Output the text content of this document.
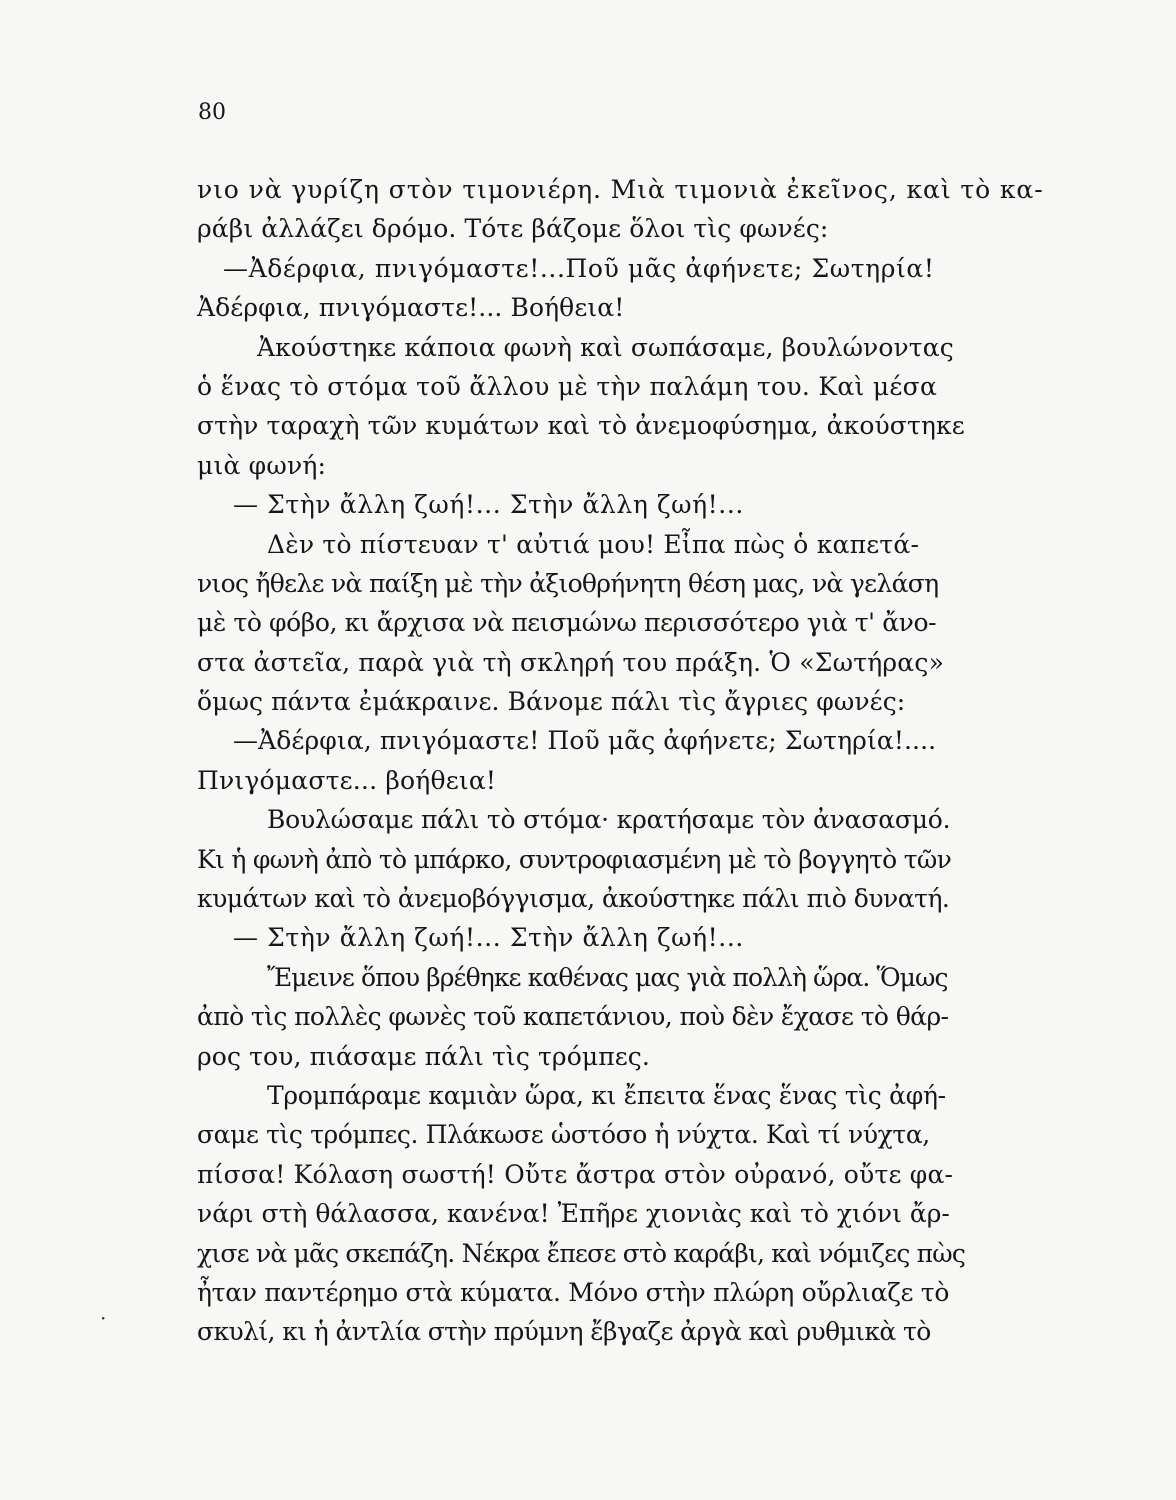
80
νιο νὰ γυρίζη στὸν τιμονιέρη. Μιὰ τιμονιὰ ἐκεῖνος, καὶ τὸ κα-
ράβι ἀλλάζει δρόμο. Τότε βάζομε ὅλοι τὶς φωνές:
—Ἀδέρφια, πνιγόμαστε!...Ποῦ μᾶς ἀφήνετε; Σωτηρία!
Ἀδέρφια, πνιγόμαστε!... Βοήθεια!
Ἀκούστηκε κάποια φωνὴ καὶ σωπάσαμε, βουλώνοντας
ὁ ἕνας τὸ στόμα τοῦ ἄλλου μὲ τὴν παλάμη του. Καὶ μέσα
στὴν ταραχὴ τῶν κυμάτων καὶ τὸ ἀνεμοφύσημα, ἀκούστηκε
μιὰ φωνή:
— Στὴν ἄλλη ζωή!... Στὴν ἄλλη ζωή!...
Δὲν τὸ πίστευαν τ' αὐτιά μου! Εἶπα πὼς ὁ καπετά-
νιος ἤθελε νὰ παίξη μὲ τὴν ἀξιοθρήνητη θέση μας, νὰ γελάση
μὲ τὸ φόβο, κι ἄρχισα νὰ πεισμώνω περισσότερο γιὰ τ' ἄνο-
στα ἀστεῖα, παρὰ γιὰ τὴ σκληρή του πράξη. Ὁ «Σωτήρας»
ὅμως πάντα ἐμάκραινε. Βάνομε πάλι τὶς ἄγριες φωνές:
—Ἀδέρφια, πνιγόμαστε! Ποῦ μᾶς ἀφήνετε; Σωτηρία!....
Πνιγόμαστε... βοήθεια!
Βουλώσαμε πάλι τὸ στόμα· κρατήσαμε τὸν ἀνασασμό.
Κι ἡ φωνὴ ἀπὸ τὸ μπάρκο, συντροφιασμένη μὲ τὸ βογγητὸ τῶν
κυμάτων καὶ τὸ ἀνεμοβόγγισμα, ἀκούστηκε πάλι πιὸ δυνατή.
— Στὴν ἄλλη ζωή!... Στὴν ἄλλη ζωή!...
Ἔμεινε ὅπου βρέθηκε καθένας μας γιὰ πολλὴ ὥρα. Ὅμως
ἀπὸ τὶς πολλὲς φωνὲς τοῦ καπετάνιου, ποὺ δὲν ἔχασε τὸ θάρ-
ρος του, πιάσαμε πάλι τὶς τρόμπες.
Τρομπάραμε καμιὰν ὥρα, κι ἔπειτα ἕνας ἕνας τὶς ἀφή-
σαμε τὶς τρόμπες. Πλάκωσε ὡστόσο ἡ νύχτα. Καὶ τί νύχτα,
πίσσα! Κόλαση σωστή! Οὔτε ἄστρα στὸν οὐρανό, οὔτε φα-
νάρι στὴ θάλασσα, κανένα! Ἐπῆρε χιονιὰς καὶ τὸ χιόνι ἄρ-
χισε νὰ μᾶς σκεπάζη. Νέκρα ἔπεσε στὸ καράβι, καὶ νόμιζες πὼς
ἦταν παντέρημο στὰ κύματα. Μόνο στὴν πλώρη οὔρλιαζε τὸ
σκυλί, κι ἡ ἀντλία στὴν πρύμνη ἔβγαζε ἀργὰ καὶ ρυθμικὰ τὸ
·
